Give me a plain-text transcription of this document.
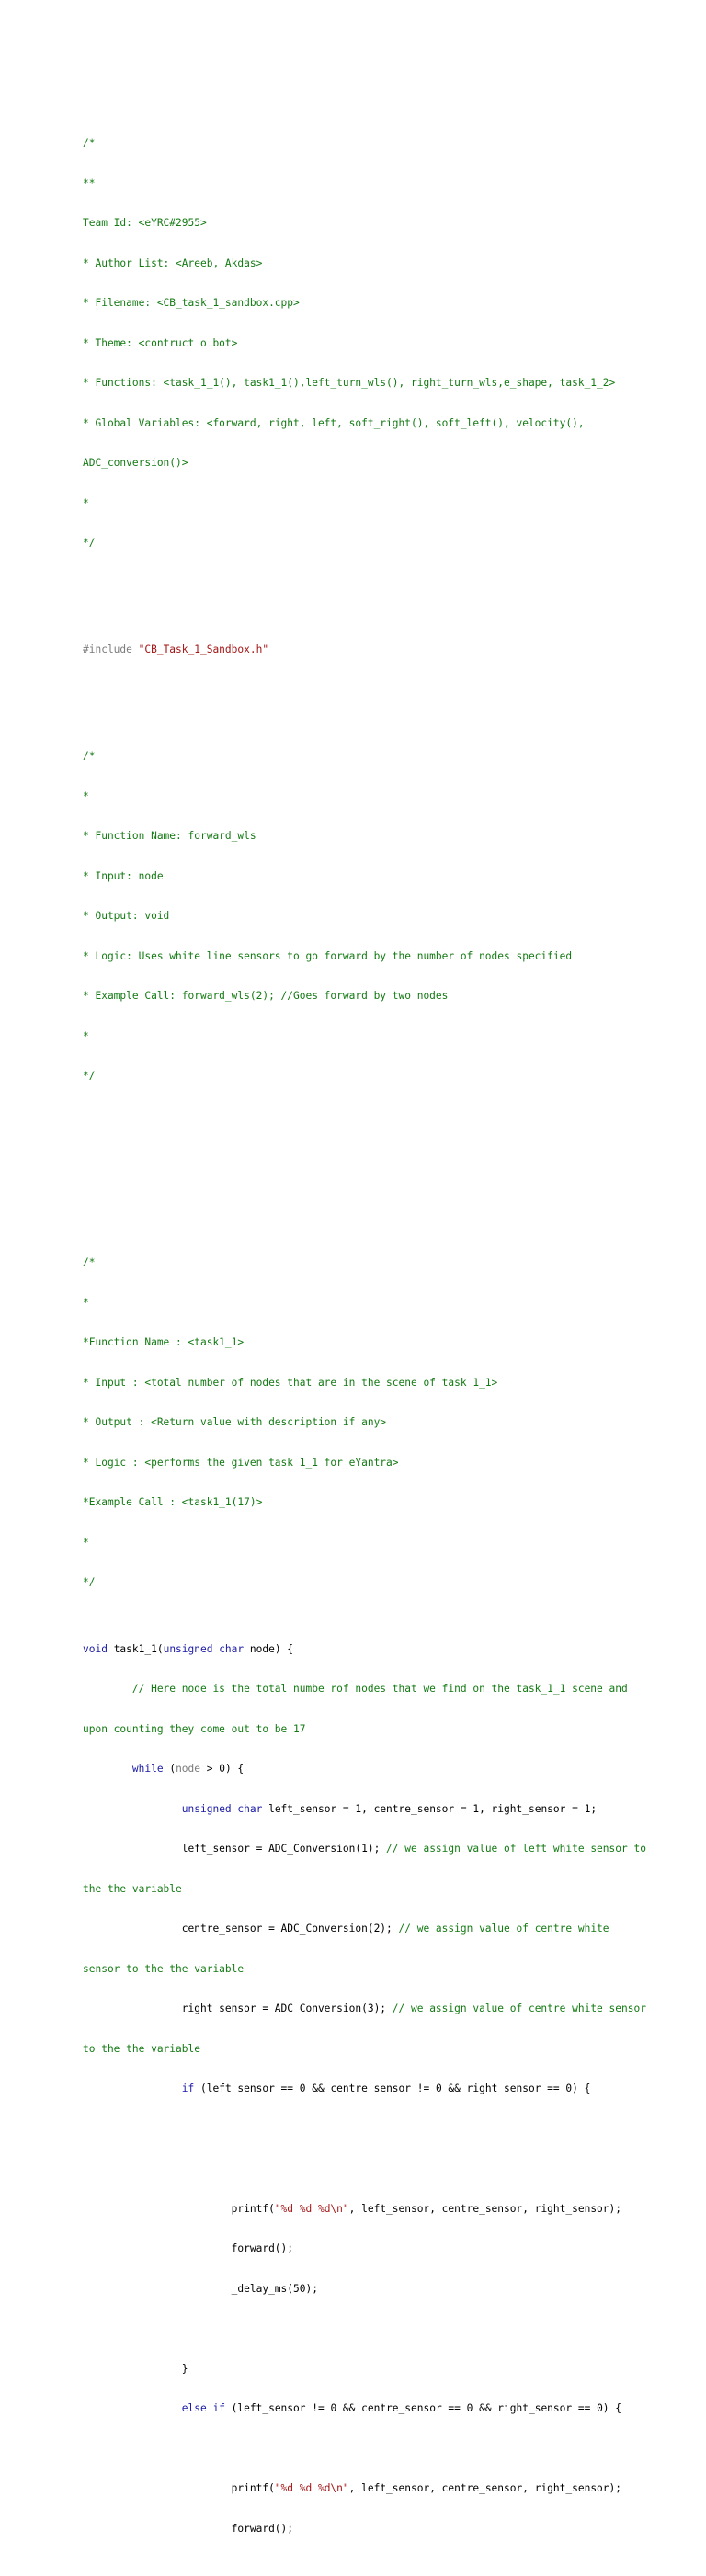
/*

**

Team Id: <eYRC#2955>

* Author List: <Areeb, Akdas>

* Filename: <CB_task_1_sandbox.cpp>

* Theme: <contruct o bot>

* Functions: <task_1_1(), task1_1(),left_turn_wls(), right_turn_wls,e_shape, task_1_2>

* Global Variables: <forward, right, left, soft_right(), soft_left(), velocity(),

ADC_conversion()>

*

*/

#include "CB_Task_1_Sandbox.h"

/*

*

* Function Name: forward_wls

* Input: node

* Output: void

* Logic: Uses white line sensors to go forward by the number of nodes specified

* Example Call: forward_wls(2); //Goes forward by two nodes

*

*/

/*

*

*Function Name : <task1_1>

* Input : <total number of nodes that are in the scene of task 1_1>

* Output : <Return value with description if any>

* Logic : <performs the given task 1_1 for eYantra>

*Example Call : <task1_1(17)>

*

*/

void task1_1(unsigned char node) {

// Here node is the total numbe rof nodes that we find on the task_1_1 scene and

upon counting they come out to be 17

while (node > 0) {

unsigned char left_sensor = 1, centre_sensor = 1, right_sensor = 1;

left_sensor = ADC_Conversion(1); // we assign value of left white sensor to

the the variable

centre_sensor = ADC_Conversion(2); // we assign value of centre white

sensor to the the variable

right_sensor = ADC_Conversion(3); // we assign value of centre white sensor

to the the variable

if (left_sensor == 0 && centre_sensor != 0 && right_sensor == 0) {

printf("%d %d %d\n", left_sensor, centre_sensor, right_sensor);

forward();

_delay_ms(50);

}

else if (left_sensor != 0 && centre_sensor == 0 && right_sensor == 0) {

printf("%d %d %d\n", left_sensor, centre_sensor, right_sensor);

forward();
